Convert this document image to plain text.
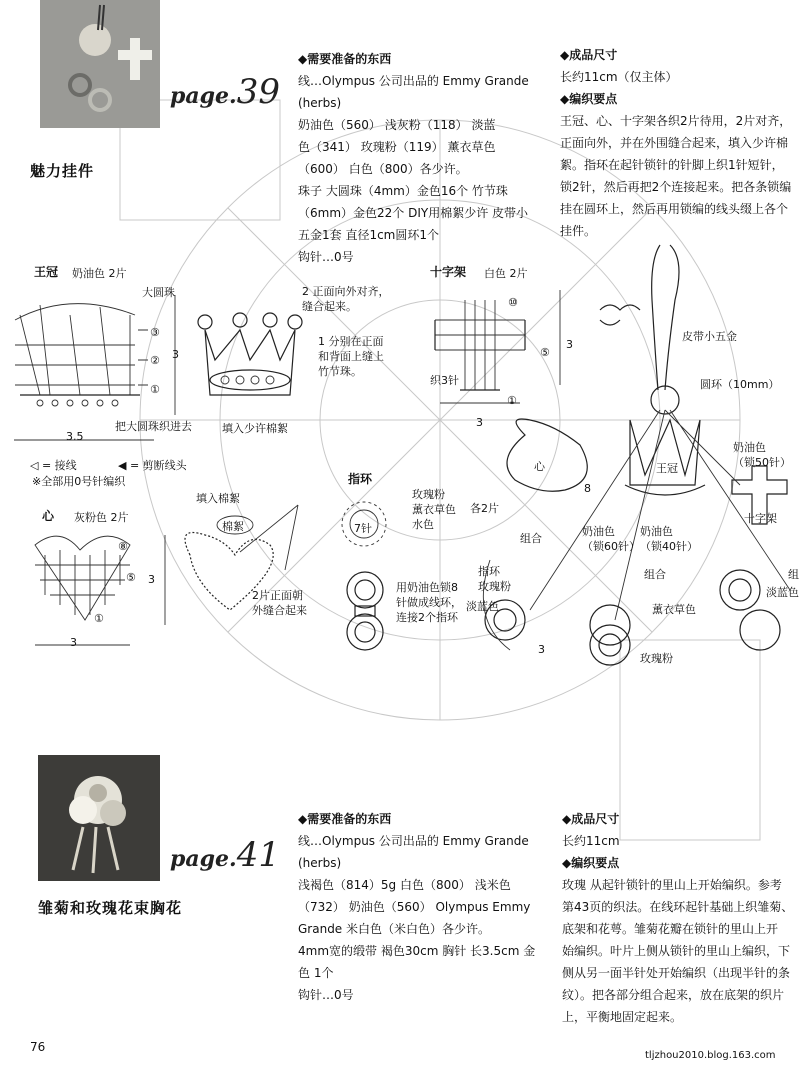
page.39
魅力挂件
◆需要准备的东西
线…Olympus 公司出品的 Emmy Grande
(herbs)
奶油色（560） 浅灰粉（118） 淡蓝
色（341） 玫瑰粉（119） 薰衣草色
（600） 白色（800）各少许。
珠子 大圆珠（4mm）金色16个 竹节珠
（6mm）金色22个 DIY用棉絮少许 皮带小
五金1套 直径1cm圆环1个
钩针…0号
◆成品尺寸
长约11cm（仅主体）
◆编织要点
王冠、心、十字架各织2片待用，2片对齐，
正面向外，并在外围缝合起来，填入少许棉
絮。指环在起针锁针的针脚上织1针短针，
锁2针，然后再把2个连接起来。把各条锁编
挂在圆环上，然后再用锁编的线头缀上各个
挂件。
王冠 奶油色 2片
大圆珠
③
②
①
3
3.5
把大圆珠织进去
◁ = 接线	◀ = 剪断线头
※全部用0号针编织
2 正面向外对齐，
缝合起来。
1 分别在正面
和背面上缝上
竹节珠。
填入少许棉絮
十字架 白色 2片
⑩
⑤
①
织3针
3
3
心 灰粉色 2片
⑧
⑤
①
3
3
填入棉絮
棉絮
2片正面朝
外缝合起来
指环
7针
玫瑰粉
薰衣草色
水色
各2片
用奶油色锁8
针做成线环，
连接2个指环
皮带小五金
圆环（10mm）
奶油色
（锁50针）
心	王冠
十字架
奶油色
（锁60针）
奶油色
（锁40针）
组合
组合	组
8
指环
玫瑰粉
淡蓝色
淡蓝色
薰衣草色
玫瑰粉
3
page.41
雏菊和玫瑰花束胸花
◆需要准备的东西
线…Olympus 公司出品的 Emmy Grande
(herbs)
浅褐色（814）5g 白色（800） 浅米色
（732） 奶油色（560） Olympus Emmy
Grande 米白色（米白色）各少许。
4mm宽的缎带 褐色30cm 胸针 长3.5cm 金
色 1个
钩针…0号
◆成品尺寸
长约11cm
◆编织要点
玫瑰 从起针锁针的里山上开始编织。参考
第43页的织法。在线环起针基础上织雏菊、
底架和花萼。雏菊花瓣在锁针的里山上开
始编织。叶片上侧从锁针的里山上编织，下
侧从另一面半针处开始编织（出现半针的条
纹）。把各部分组合起来，放在底架的织片
上，平衡地固定起来。
76
tljzhou2010.blog.163.com
